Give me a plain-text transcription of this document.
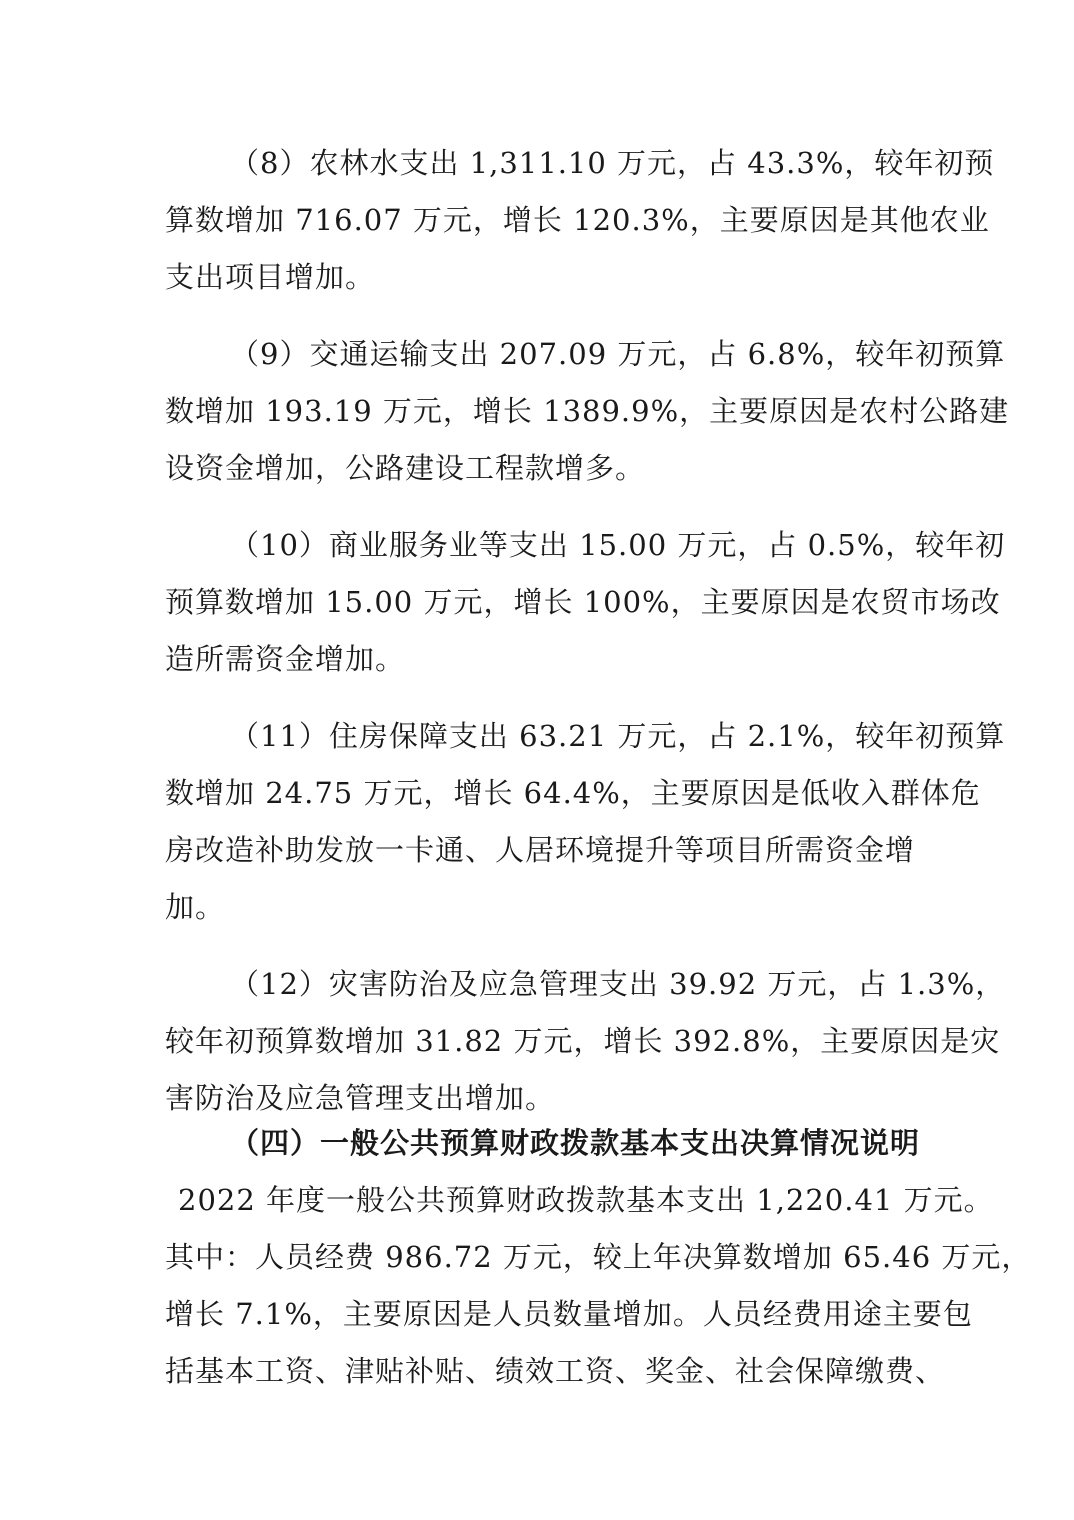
（8）农林水支出 1,311.10 万元，占 43.3%，较年初预
算数增加 716.07 万元，增长 120.3%，主要原因是其他农业
支出项目增加。
（9）交通运输支出 207.09 万元，占 6.8%，较年初预算
数增加 193.19 万元，增长 1389.9%，主要原因是农村公路建
设资金增加，公路建设工程款增多。
（10）商业服务业等支出 15.00 万元，占 0.5%，较年初
预算数增加 15.00 万元，增长 100%，主要原因是农贸市场改
造所需资金增加。
（11）住房保障支出 63.21 万元，占 2.1%，较年初预算
数增加 24.75 万元，增长 64.4%，主要原因是低收入群体危
房改造补助发放一卡通、人居环境提升等项目所需资金增
加。
（12）灾害防治及应急管理支出 39.92 万元，占 1.3%，
较年初预算数增加 31.82 万元，增长 392.8%，主要原因是灾
害防治及应急管理支出增加。
（四）一般公共预算财政拨款基本支出决算情况说明
2022 年度一般公共预算财政拨款基本支出 1,220.41 万元。
其中：人员经费 986.72 万元，较上年决算数增加 65.46 万元，
增长 7.1%，主要原因是人员数量增加。人员经费用途主要包
括基本工资、津贴补贴、绩效工资、奖金、社会保障缴费、
